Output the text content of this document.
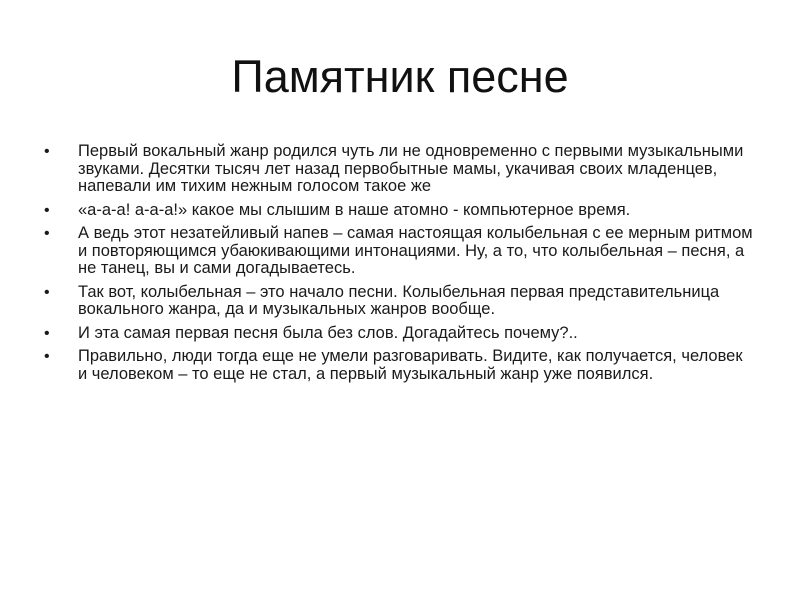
Памятник песне
•	Первый вокальный жанр родился чуть ли не одновременно с первыми музыкальными звуками. Десятки тысяч лет назад первобытные мамы, укачивая своих младенцев, напевали им тихим нежным голосом такое же
•	«а-а-а! а-а-а!» какое мы слышим в наше атомно - компьютерное время.
•	А ведь этот незатейливый напев – самая настоящая колыбельная с ее мерным ритмом и повторяющимся убаюкивающими интонациями. Ну, а то, что колыбельная – песня, а не танец, вы и сами догадываетесь.
•	Так вот, колыбельная – это начало песни. Колыбельная первая представительница вокального жанра, да и музыкальных жанров вообще.
•	И эта самая первая песня была без слов. Догадайтесь почему?..
•	Правильно, люди тогда еще не умели разговаривать. Видите, как получается, человек и человеком – то еще не стал, а первый музыкальный жанр уже появился.
